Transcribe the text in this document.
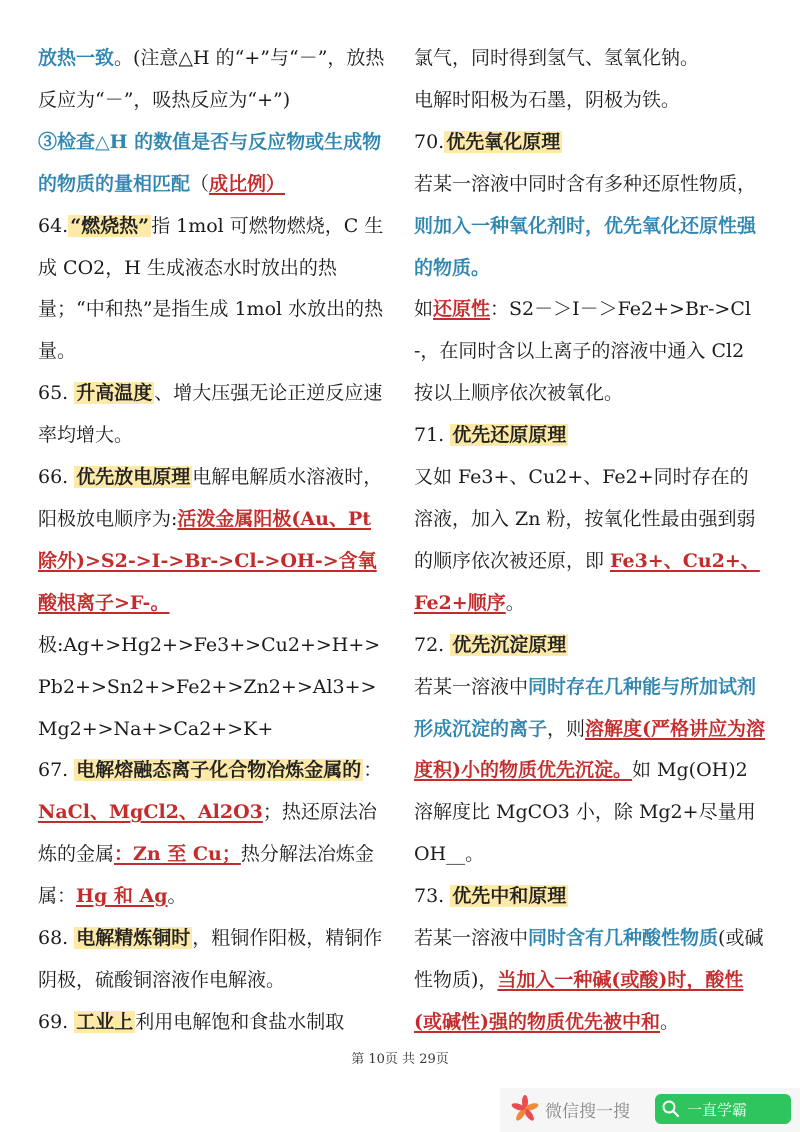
放热一致。(注意△H 的“+”与“－”，放热反应为“－”，吸热反应为“+”)

③检查△H 的数值是否与反应物或生成物的物质的量相匹配（成比例）

64. “燃烧热” 指 1mol 可燃物燃烧，C 生成 CO2，H 生成液态水时放出的热量；“中和热”是指生成 1mol 水放出的热量。

65. 升高温度 、增大压强无论正逆反应速率均增大。

66. 优先放电原理 电解电解质水溶液时，阳极放电顺序为:活泼金属阳极(Au、Pt 除外)>S2->I->Br->Cl->OH->含氧酸根离子>F-。

极:Ag+>Hg2+>Fe3+>Cu2+>H+>Pb2+>Sn2+>Fe2+>Zn2+>Al3+>Mg2+>Na+>Ca2+>K+

67. 电解熔融态离子化合物冶炼金属的 ：NaCl、MgCl2、Al2O3；热还原法冶炼的金属：Zn 至 Cu；热分解法冶炼金属：Hg 和 Ag。

68. 电解精炼铜时 ，粗铜作阳极，精铜作阴极，硫酸铜溶液作电解液。

69. 工业上 利用电解饱和食盐水制取

氯气，同时得到氢气、氢氧化钠。

电解时阳极为石墨，阴极为铁。

70. 优先氧化原理

若某一溶液中同时含有多种还原性物质，则加入一种氧化剂时，优先氧化还原性强的物质。

如还原性：S2－＞I－＞Fe2+>Br->Cl-，在同时含以上离子的溶液中通入 Cl2 按以上顺序依次被氧化。

71. 优先还原原理

又如 Fe3+、Cu2+、Fe2+同时存在的溶液，加入 Zn 粉，按氧化性最由强到弱的顺序依次被还原，即 Fe3+、Cu2+、Fe2+顺序。

72. 优先沉淀原理

若某一溶液中同时存在几种能与所加试剂形成沉淀的离子，则溶解度(严格讲应为溶度积)小的物质优先沉淀。如 Mg(OH)2 溶解度比 MgCO3 小，除 Mg2+尽量用 OH__。

73. 优先中和原理

若某一溶液中同时含有几种酸性物质(或碱性物质)，当加入一种碱(或酸)时，酸性(或碱性)强的物质优先被中和。

第 10页 共 29页
微信搜一搜	一直学霸
